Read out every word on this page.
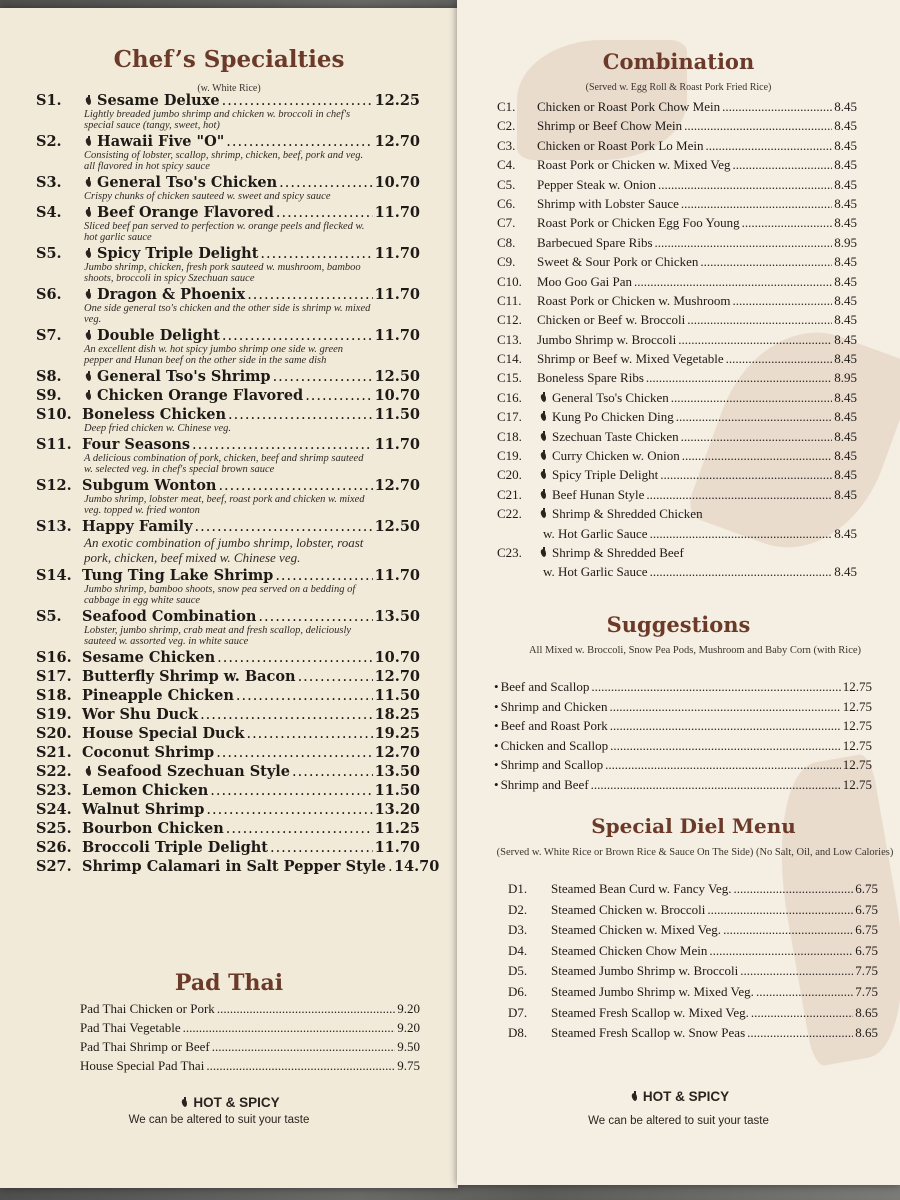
Chef’s Specialties
(w. White Rice)
S1.	Sesame Deluxe .....	12.25
Lightly breaded jumbo shrimp and chicken w. broccoli in chef's special sauce (tangy, sweet, hot)
S2.	Hawaii Five "O" .....	12.70
Consisting of lobster, scallop, shrimp, chicken, beef, pork and veg. all flavored in hot spicy sauce
S3.	General Tso's Chicken .....	10.70
Crispy chunks of chicken sauteed w. sweet and spicy sauce
S4.	Beef Orange Flavored .....	11.70
Sliced beef pan served to perfection w. orange peels and flecked w. hot garlic sauce
S5.	Spicy Triple Delight .....	11.70
Jumbo shrimp, chicken, fresh pork sauteed w. mushroom, bamboo shoots, broccoli in spicy Szechuan sauce
S6.	Dragon & Phoenix .....	11.70
One side general tso's chicken and the other side is shrimp w. mixed veg.
S7.	Double Delight .....	11.70
An excellent dish w. hot spicy jumbo shrimp one side w. green pepper and Hunan beef on the other side in the same dish
S8.	General Tso's Shrimp .....	12.50
S9.	Chicken Orange Flavored .....	10.70
S10. Boneless Chicken .....	11.50
Deep fried chicken w. Chinese veg.
S11. Four Seasons .....	11.70
A delicious combination of pork, chicken, beef and shrimp sauteed w. selected veg. in chef's special brown sauce
S12. Subgum Wonton .....	12.70
Jumbo shrimp, lobster meat, beef, roast pork and chicken w. mixed veg. topped w. fried wonton
S13. Happy Family .....	12.50
An exotic combination of jumbo shrimp, lobster, roast pork, chicken, beef mixed w. Chinese veg.
S14. Tung Ting Lake Shrimp .....	11.70
Jumbo shrimp, bamboo shoots, snow pea served on a bedding of cabbage in egg white sauce
S5.	Seafood Combination .....	13.50
Lobster, jumbo shrimp, crab meat and fresh scallop, deliciously sauteed w. assorted veg. in white sauce
S16. Sesame Chicken .....	10.70
S17. Butterfly Shrimp w. Bacon .....	12.70
S18. Pineapple Chicken .....	11.50
S19. Wor Shu Duck .....	18.25
S20. House Special Duck .....	19.25
S21. Coconut Shrimp .....	12.70
S22.	Seafood Szechuan Style .....	13.50
S23. Lemon Chicken .....	11.50
S24. Walnut Shrimp .....	13.20
S25. Bourbon Chicken .....	11.25
S26. Broccoli Triple Delight .....	11.70
S27. Shrimp Calamari in Salt Pepper Style ..... 14.70
Pad Thai
Pad Thai Chicken or Pork .....	9.20
Pad Thai Vegetable .....	9.20
Pad Thai Shrimp or Beef .....	9.50
House Special Pad Thai .....	9.75
HOT & SPICY
We can be altered to suit your taste
Combination
(Served w. Egg Roll & Roast Pork Fried Rice)
C1.	Chicken or Roast Pork Chow Mein .....	8.45
C2.	Shrimp or Beef Chow Mein .....	8.45
C3.	Chicken or Roast Pork Lo Mein .....	8.45
C4.	Roast Pork or Chicken w. Mixed Veg .....	8.45
C5.	Pepper Steak w. Onion .....	8.45
C6.	Shrimp with Lobster Sauce .....	8.45
C7.	Roast Pork or Chicken Egg Foo Young .....	8.45
C8.	Barbecued Spare Ribs .....	8.95
C9.	Sweet & Sour Pork or Chicken .....	8.45
C10.	Moo Goo Gai Pan .....	8.45
C11.	Roast Pork or Chicken w. Mushroom .....	8.45
C12.	Chicken or Beef w. Broccoli .....	8.45
C13.	Jumbo Shrimp w. Broccoli .....	8.45
C14.	Shrimp or Beef w. Mixed Vegetable .....	8.45
C15.	Boneless Spare Ribs .....	8.95
C16.	General Tso's Chicken .....	8.45
C17.	Kung Po Chicken Ding .....	8.45
C18.	Szechuan Taste Chicken .....	8.45
C19.	Curry Chicken w. Onion .....	8.45
C20.	Spicy Triple Delight .....	8.45
C21.	Beef Hunan Style .....	8.45
C22.	Shrimp & Shredded Chicken
w. Hot Garlic Sauce .....	8.45
C23.	Shrimp & Shredded Beef
w. Hot Garlic Sauce .....	8.45
Suggestions
All Mixed w. Broccoli, Snow Pea Pods, Mushroom and Baby Corn (with Rice)
• Beef and Scallop .....	12.75
• Shrimp and Chicken .....	12.75
• Beef and Roast Pork .....	12.75
• Chicken and Scallop .....	12.75
• Shrimp and Scallop .....	12.75
• Shrimp and Beef .....	12.75
Special Diel Menu
(Served w. White Rice or Brown Rice & Sauce On The Side) (No Salt, Oil, and Low Calories)
D1.	Steamed Bean Curd w. Fancy Veg. .....	6.75
D2.	Steamed Chicken w. Broccoli .....	6.75
D3.	Steamed Chicken w. Mixed Veg. .....	6.75
D4.	Steamed Chicken Chow Mein .....	6.75
D5.	Steamed Jumbo Shrimp w. Broccoli .....	7.75
D6.	Steamed Jumbo Shrimp w. Mixed Veg. .....	7.75
D7.	Steamed Fresh Scallop w. Mixed Veg. .....	8.65
D8.	Steamed Fresh Scallop w. Snow Peas .....	8.65
HOT & SPICY
We can be altered to suit your taste
